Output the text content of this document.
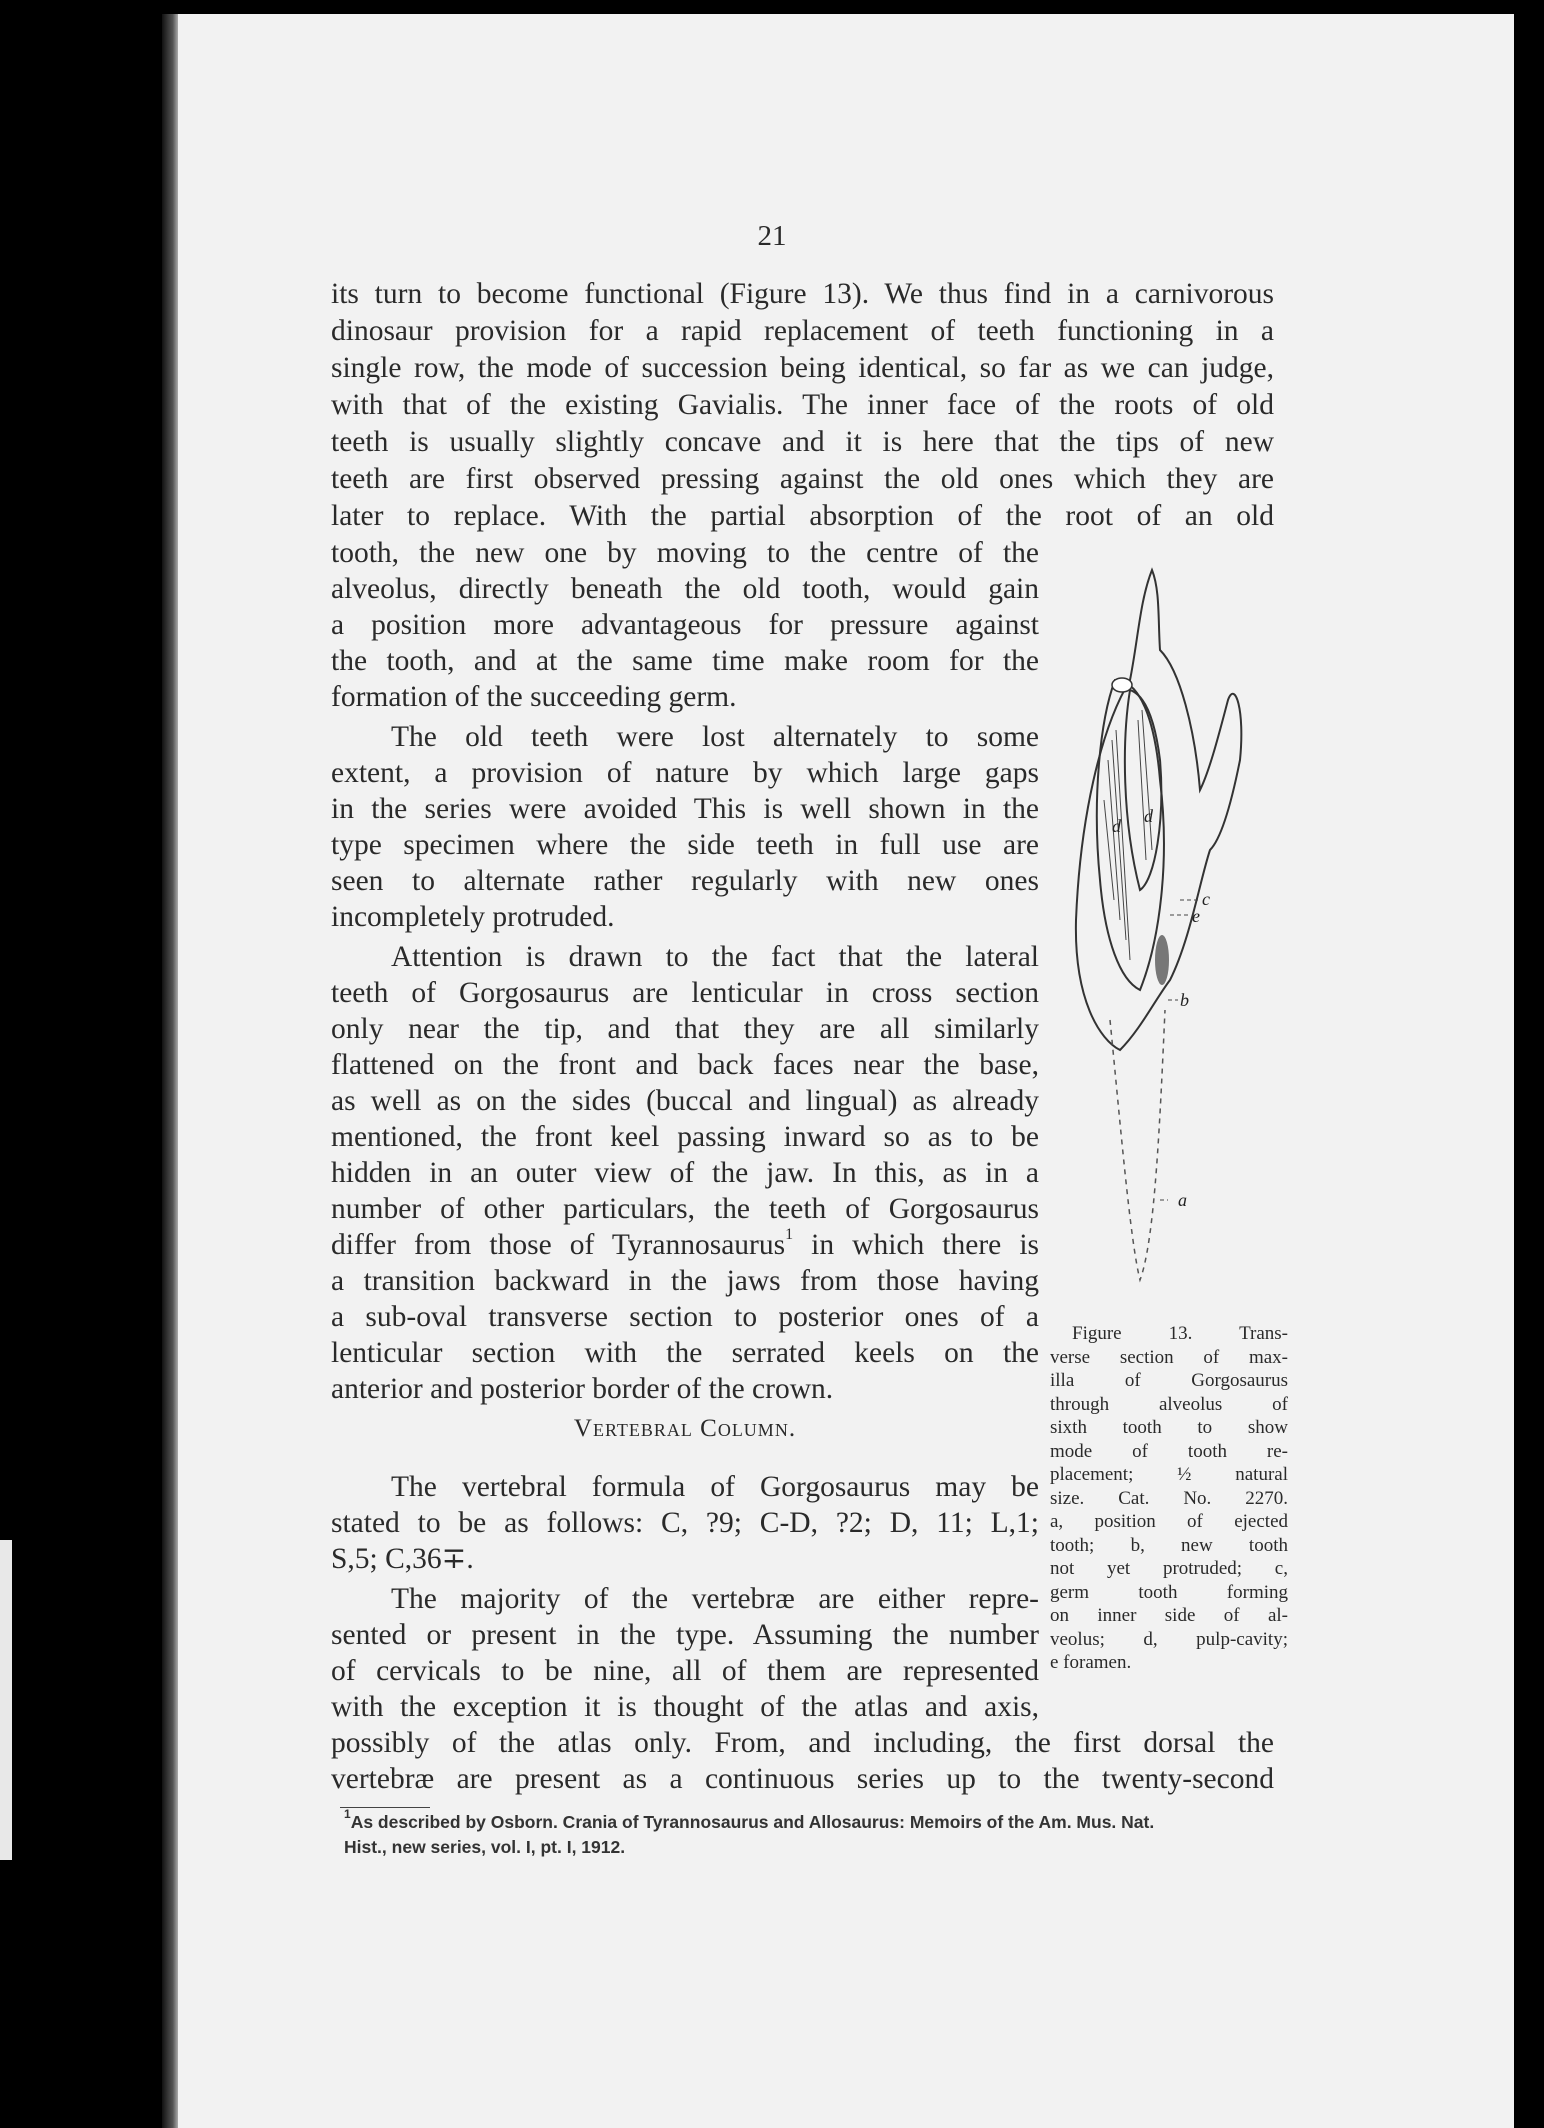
21
its turn to become functional (Figure 13). We thus find in a carnivorous
dinosaur provision for a rapid replacement of teeth functioning in a
single row, the mode of succession being identical, so far as we can judge,
with that of the existing Gavialis. The inner face of the roots of old
teeth is usually slightly concave and it is here that the tips of new
teeth are first observed pressing against the old ones which they are
later to replace. With the partial absorption of the root of an old
tooth, the new one by moving to the centre of the
alveolus, directly beneath the old tooth, would gain
a position more advantageous for pressure against
the tooth, and at the same time make room for the
formation of the succeeding germ.
The old teeth were lost alternately to some
extent, a provision of nature by which large gaps
in the series were avoided This is well shown in the
type specimen where the side teeth in full use are
seen to alternate rather regularly with new ones
incompletely protruded.
Attention is drawn to the fact that the lateral
teeth of Gorgosaurus are lenticular in cross section
only near the tip, and that they are all similarly
flattened on the front and back faces near the base,
as well as on the sides (buccal and lingual) as already
mentioned, the front keel passing inward so as to be
hidden in an outer view of the jaw. In this, as in a
number of other particulars, the teeth of Gorgosaurus
differ from those of Tyrannosaurus$^1$ in which there is
a transition backward in the jaws from those having
a sub-oval transverse section to posterior ones of a
lenticular section with the serrated keels on the
anterior and posterior border of the crown.
Vertebral Column.
The vertebral formula of Gorgosaurus may be
stated to be as follows: C, ?9; C-D, ?2; D, 11; L,1;
S,5; C,36∓.
The majority of the vertebræ are either repre-
sented or present in the type. Assuming the number
of cervicals to be nine, all of them are represented
with the exception it is thought of the atlas and axis,
possibly of the atlas only. From, and including, the first dorsal the
vertebræ are present as a continuous series up to the twenty-second
d d
c
e
b
a
Figure 13. Trans-
verse section of max-
illa of Gorgosaurus
through alveolus of
sixth tooth to show
mode of tooth re-
placement; ½ natural
size. Cat. No. 2270.
a, position of ejected
tooth; b, new tooth
not yet protruded; c,
germ tooth forming
on inner side of al-
veolus; d, pulp-cavity;
e foramen.
$^1$As described by Osborn. Crania of Tyrannosaurus and Allosaurus: Memoirs of the Am. Mus. Nat.
Hist., new series, vol. I, pt. I, 1912.
